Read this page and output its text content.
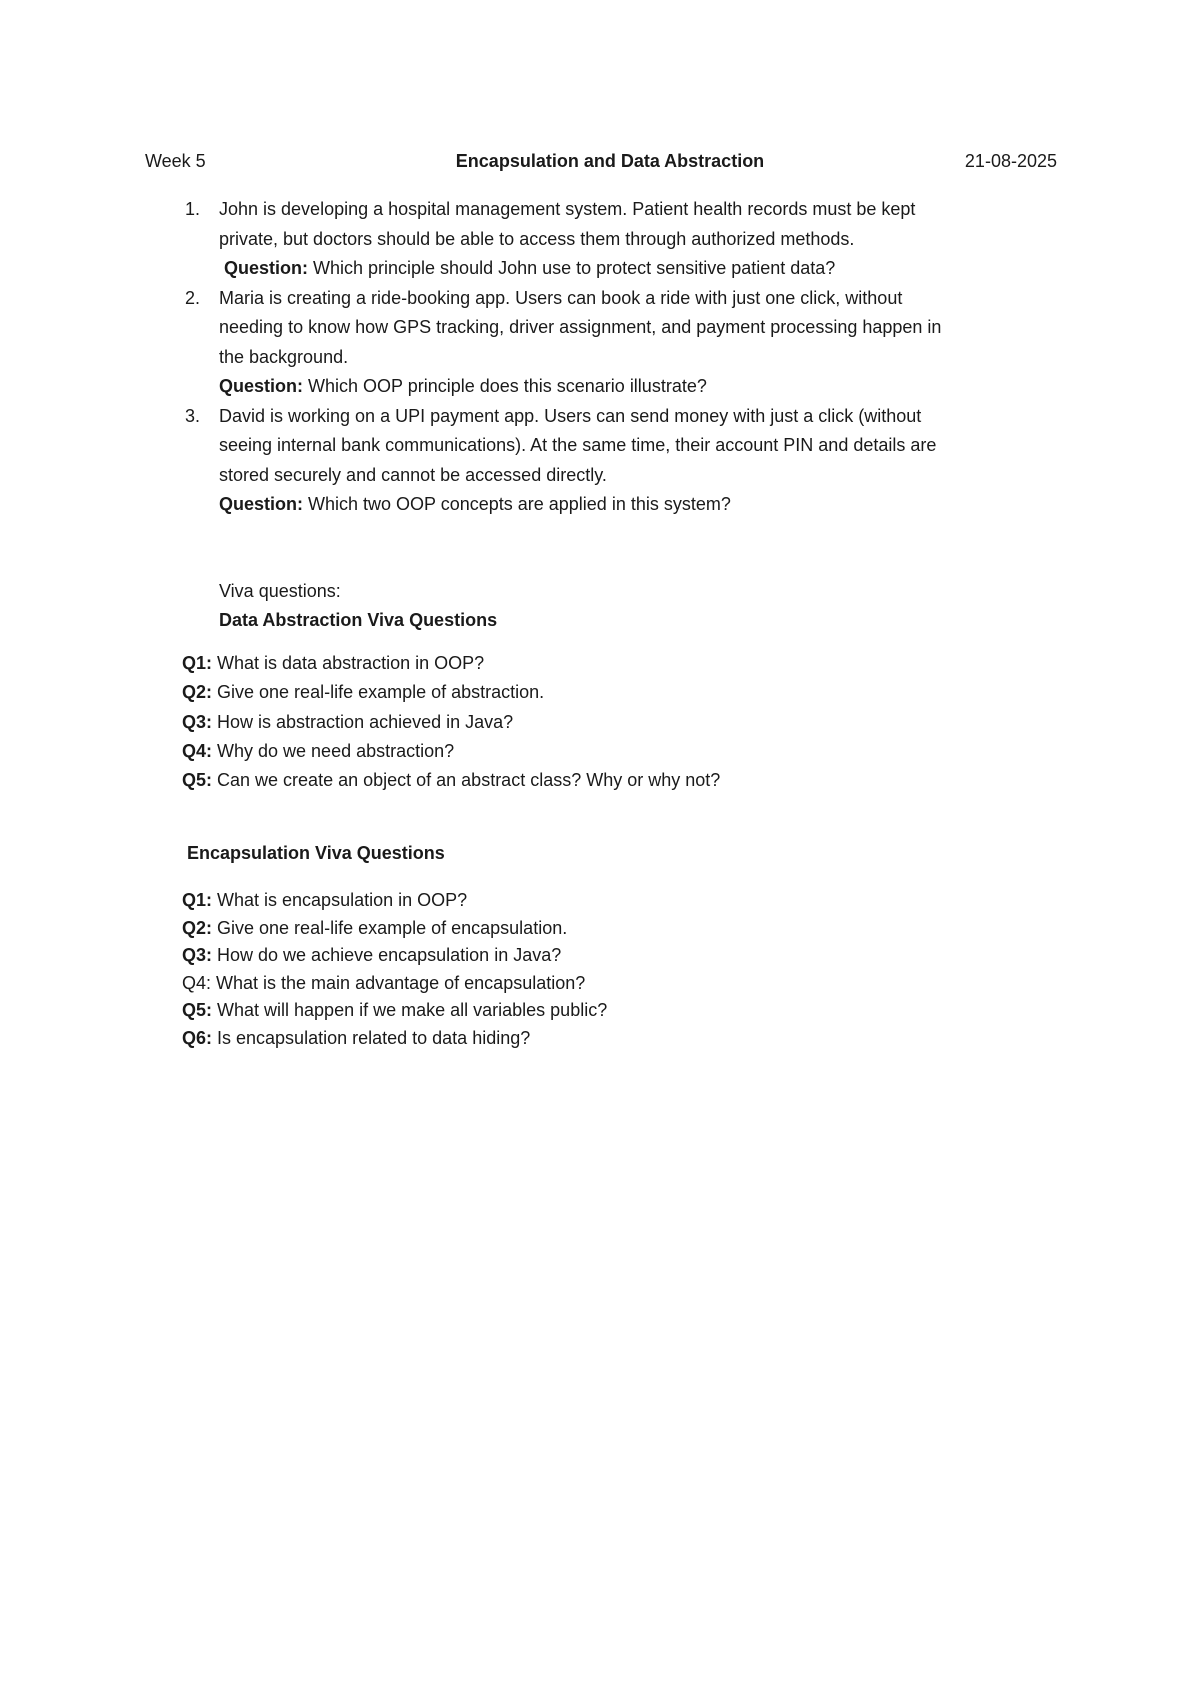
Week 5	Encapsulation and Data Abstraction	21-08-2025
1. John is developing a hospital management system. Patient health records must be kept
private, but doctors should be able to access them through authorized methods.
Question: Which principle should John use to protect sensitive patient data?
2. Maria is creating a ride-booking app. Users can book a ride with just one click, without
needing to know how GPS tracking, driver assignment, and payment processing happen in
the background.
Question: Which OOP principle does this scenario illustrate?
3. David is working on a UPI payment app. Users can send money with just a click (without
seeing internal bank communications). At the same time, their account PIN and details are
stored securely and cannot be accessed directly.
Question: Which two OOP concepts are applied in this system?
Viva questions:
Data Abstraction Viva Questions
Q1: What is data abstraction in OOP?
Q2: Give one real-life example of abstraction.
Q3: How is abstraction achieved in Java?
Q4: Why do we need abstraction?
Q5: Can we create an object of an abstract class? Why or why not?
Encapsulation Viva Questions
Q1: What is encapsulation in OOP?
Q2: Give one real-life example of encapsulation.
Q3: How do we achieve encapsulation in Java?
Q4: What is the main advantage of encapsulation?
Q5: What will happen if we make all variables public?
Q6: Is encapsulation related to data hiding?
